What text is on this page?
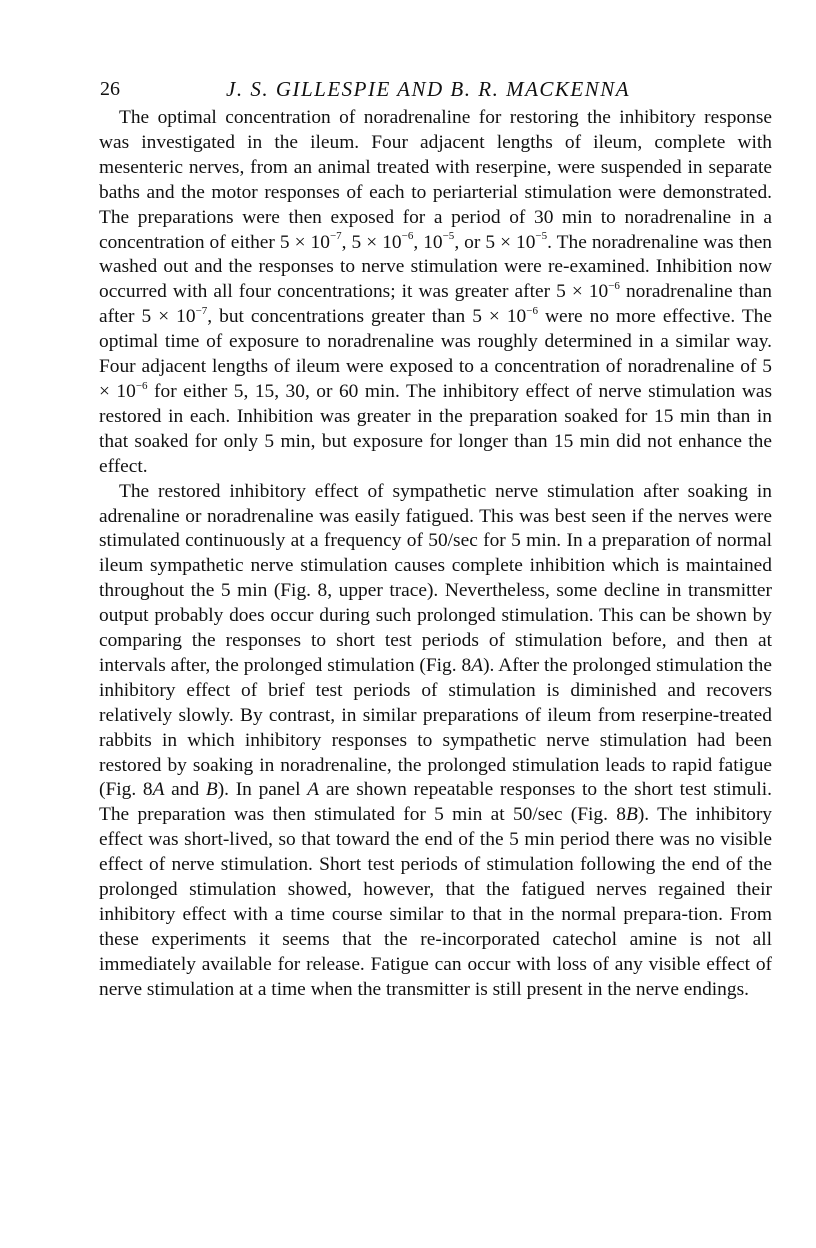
26	J. S. GILLESPIE AND B. R. MACKENNA

The optimal concentration of noradrenaline for restoring the inhibitory response was investigated in the ileum. Four adjacent lengths of ileum, complete with mesenteric nerves, from an animal treated with reserpine, were suspended in separate baths and the motor responses of each to periarterial stimulation were demonstrated. The preparations were then exposed for a period of 30 min to noradrenaline in a concentration of either $5 \times 10^{-7}$, $5 \times 10^{-6}$, $10^{-5}$, or $5 \times 10^{-5}$. The noradrenaline was then washed out and the responses to nerve stimulation were re-examined. Inhibition now occurred with all four concentrations; it was greater after $5 \times 10^{-6}$ noradrenaline than after $5 \times 10^{-7}$, but concentrations greater than $5 \times 10^{-6}$ were no more effective. The optimal time of exposure to noradrenaline was roughly determined in a similar way. Four adjacent lengths of ileum were exposed to a concentration of noradrenaline of $5 \times 10^{-6}$ for either 5, 15, 30, or 60 min. The inhibitory effect of nerve stimulation was restored in each. Inhibition was greater in the preparation soaked for 15 min than in that soaked for only 5 min, but exposure for longer than 15 min did not enhance the effect.

The restored inhibitory effect of sympathetic nerve stimulation after soaking in adrenaline or noradrenaline was easily fatigued. This was best seen if the nerves were stimulated continuously at a frequency of 50/sec for 5 min. In a preparation of normal ileum sympathetic nerve stimulation causes complete inhibition which is maintained throughout the 5 min (Fig. 8, upper trace). Nevertheless, some decline in transmitter output probably does occur during such prolonged stimulation. This can be shown by comparing the responses to short test periods of stimulation before, and then at intervals after, the prolonged stimulation (Fig. 8A). After the prolonged stimulation the inhibitory effect of brief test periods of stimulation is diminished and recovers relatively slowly. By contrast, in similar preparations of ileum from reserpine-treated rabbits in which inhibitory responses to sympathetic nerve stimulation had been restored by soaking in noradrenaline, the prolonged stimulation leads to rapid fatigue (Fig. 8A and B). In panel A are shown repeatable responses to the short test stimuli. The preparation was then stimulated for 5 min at 50/sec (Fig. 8B). The inhibitory effect was short-lived, so that toward the end of the 5 min period there was no visible effect of nerve stimulation. Short test periods of stimulation following the end of the prolonged stimulation showed, however, that the fatigued nerves regained their inhibitory effect with a time course similar to that in the normal prepara-tion. From these experiments it seems that the re-incorporated catechol amine is not all immediately available for release. Fatigue can occur with loss of any visible effect of nerve stimulation at a time when the transmitter is still present in the nerve endings.
